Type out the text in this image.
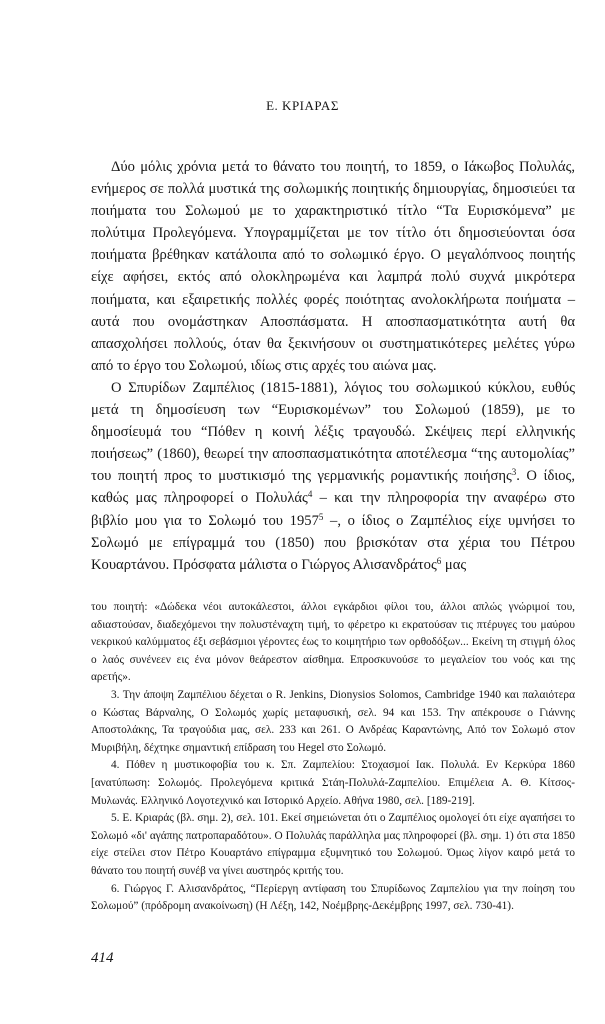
Ε. ΚΡΙΑΡΑΣ

Δύο μόλις χρόνια μετά το θάνατο του ποιητή, το 1859, ο Ιάκωβος Πολυλάς, ενήμερος σε πολλά μυστικά της σολωμικής ποιητικής δημιουργίας, δημοσιεύει τα ποιήματα του Σολωμού με το χαρακτηριστικό τίτλο “Τα Ευρισκόμενα” με πολύτιμα Προλεγόμενα. Υπογραμμίζεται με τον τίτλο ότι δημοσιεύονται όσα ποιήματα βρέθηκαν κατάλοιπα από το σολωμικό έργο. Ο μεγαλόπνοος ποιητής είχε αφήσει, εκτός από ολοκληρωμένα και λαμπρά πολύ συχνά μικρότερα ποιήματα, και εξαιρετικής πολλές φορές ποιότητας ανολοκλήρωτα ποιήματα – αυτά που ονομάστηκαν Αποσπάσματα. Η αποσπασματικότητα αυτή θα απασχολήσει πολλούς, όταν θα ξεκινήσουν οι συστηματικότερες μελέτες γύρω από το έργο του Σολωμού, ιδίως στις αρχές του αιώνα μας.

Ο Σπυρίδων Ζαμπέλιος (1815-1881), λόγιος του σολωμικού κύκλου, ευθύς μετά τη δημοσίευση των “Ευρισκομένων” του Σολωμού (1859), με το δημοσίευμά του “Πόθεν η κοινή λέξις τραγουδώ. Σκέψεις περί ελληνικής ποιήσεως” (1860), θεωρεί την αποσπασματικότητα αποτέλεσμα “της αυτομολίας” του ποιητή προς το μυστικισμό της γερμανικής ρομαντικής ποιήσης$^3$. Ο ίδιος, καθώς μας πληροφορεί ο Πολυλάς$^4$ – και την πληροφορία την αναφέρω στο βιβλίο μου για το Σολωμό του 1957$^5$ –, ο ίδιος ο Ζαμπέλιος είχε υμνήσει το Σολωμό με επίγραμμά του (1850) που βρισκόταν στα χέρια του Πέτρου Κουαρτάνου. Πρόσφατα μάλιστα ο Γιώργος Αλισανδράτος$^6$ μας

του ποιητή: «Δώδεκα νέοι αυτοκάλεστοι, άλλοι εγκάρδιοι φίλοι του, άλλοι απλώς γνώριμοί του, αδιαστούσαν, διαδεχόμενοι την πολυστέναχτη τιμή, το φέρετρο κι εκρατούσαν τις πτέρυγες του μαύρου νεκρικού καλύμματος έξι σεβάσμιοι γέροντες έως το κοιμητήριο των ορθοδόξων... Εκείνη τη στιγμή όλος ο λαός συνένεεν εις ένα μόνον θεάρεστον αίσθημα. Επροσκυνούσε το μεγαλείον του νοός και της αρετής».

3. Την άποψη Ζαμπέλιου δέχεται ο R. Jenkins, Dionysios Solomos, Cambridge 1940 και παλαιότερα ο Κώστας Βάρναλης, Ο Σολωμός χωρίς μεταφυσική, σελ. 94 και 153. Την απέκρουσε ο Γιάννης Αποστολάκης, Τα τραγούδια μας, σελ. 233 και 261. Ο Ανδρέας Καραντώνης, Από τον Σολωμό στον Μυριβήλη, δέχτηκε σημαντική επίδραση του Hegel στο Σολωμό.

4. Πόθεν η μυστικοφοβία του κ. Σπ. Ζαμπελίου: Στοχασμοί Ιακ. Πολυλά. Εν Κερκύρα 1860 [ανατύπωση: Σολωμός. Προλεγόμενα κριτικά Στάη-Πολυλά-Ζαμπελίου. Επιμέλεια Α. Θ. Κίτσος-Μυλωνάς. Ελληνικό Λογοτεχνικό και Ιστορικό Αρχείο. Αθήνα 1980, σελ. [189-219].

5. Ε. Κριαράς (βλ. σημ. 2), σελ. 101. Εκεί σημειώνεται ότι ο Ζαμπέλιος ομολογεί ότι είχε αγαπήσει το Σολωμό «δι' αγάπης πατροπαραδότου». Ο Πολυλάς παράλληλα μας πληροφορεί (βλ. σημ. 1) ότι στα 1850 είχε στείλει στον Πέτρο Κουαρτάνο επίγραμμα εξυμνητικό του Σολωμού. Όμως λίγον καιρό μετά το θάνατο του ποιητή συνέβ να γίνει αυστηρός κριτής του.

6. Γιώργος Γ. Αλισανδράτος, “Περίεργη αντίφαση του Σπυρίδωνος Ζαμπελίου για την ποίηση του Σολωμού” (πρόδρομη ανακοίνωση) (Η Λέξη, 142, Νοέμβρης-Δεκέμβρης 1997, σελ. 730-41).

414
